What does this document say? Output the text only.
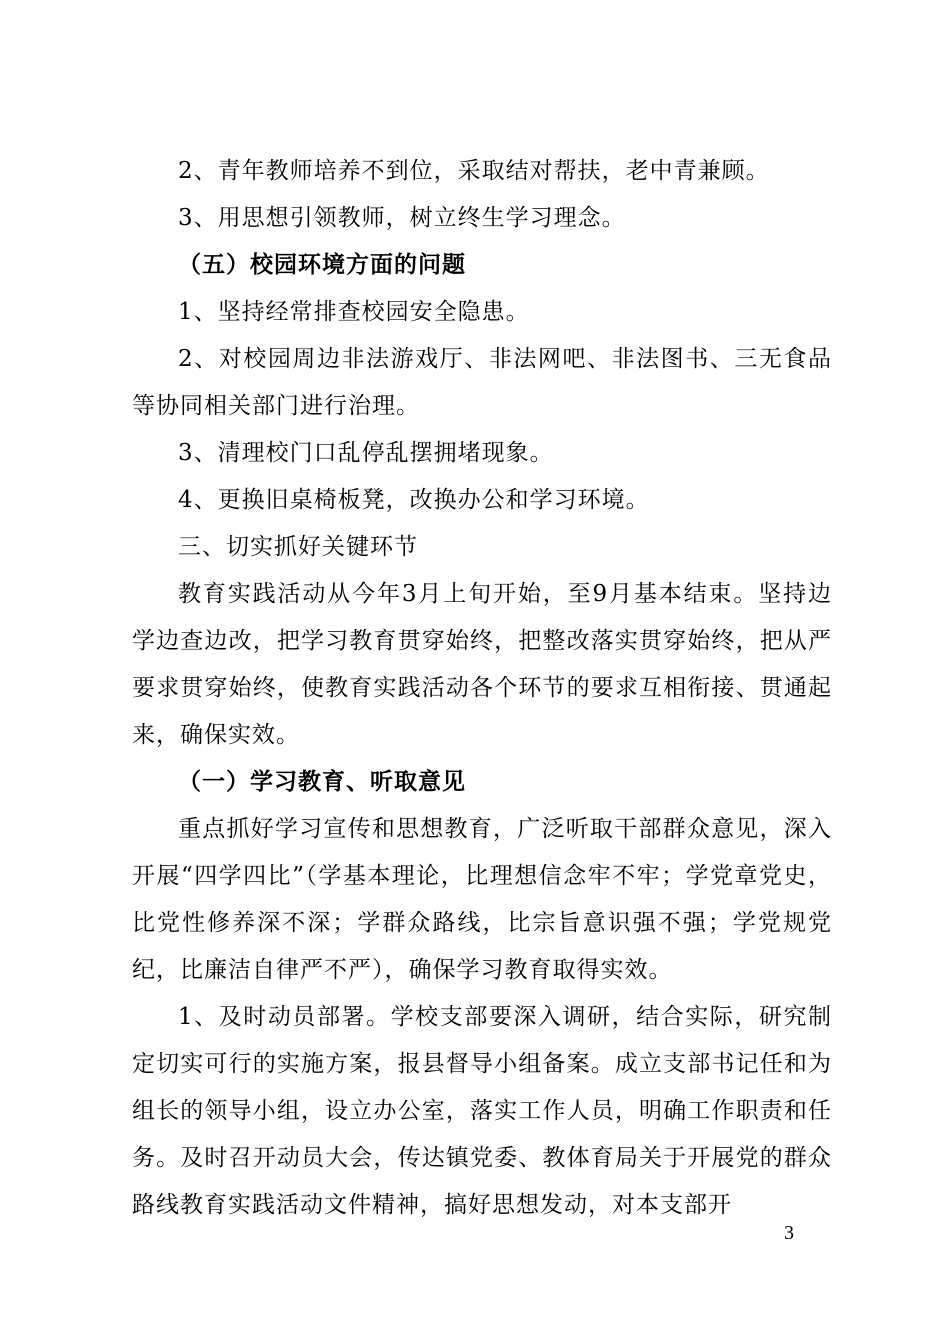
2、青年教师培养不到位，采取结对帮扶，老中青兼顾。

3、用思想引领教师，树立终生学习理念。

（五）校园环境方面的问题

1、坚持经常排查校园安全隐患。

2、对校园周边非法游戏厅、非法网吧、非法图书、三无食品等协同相关部门进行治理。

3、清理校门口乱停乱摆拥堵现象。

4、更换旧桌椅板凳，改换办公和学习环境。

三、切实抓好关键环节

教育实践活动从今年3月上旬开始，至9月基本结束。坚持边学边查边改，把学习教育贯穿始终，把整改落实贯穿始终，把从严要求贯穿始终，使教育实践活动各个环节的要求互相衔接、贯通起来，确保实效。

（一）学习教育、听取意见

重点抓好学习宣传和思想教育，广泛听取干部群众意见，深入开展“四学四比”（学基本理论，比理想信念牢不牢；学党章党史，比党性修养深不深；学群众路线，比宗旨意识强不强；学党规党纪，比廉洁自律严不严），确保学习教育取得实效。

1、及时动员部署。学校支部要深入调研，结合实际，研究制定切实可行的实施方案，报县督导小组备案。成立支部书记任和为组长的领导小组，设立办公室，落实工作人员，明确工作职责和任务。及时召开动员大会，传达镇党委、教体育局关于开展党的群众路线教育实践活动文件精神，搞好思想发动，对本支部开

3
